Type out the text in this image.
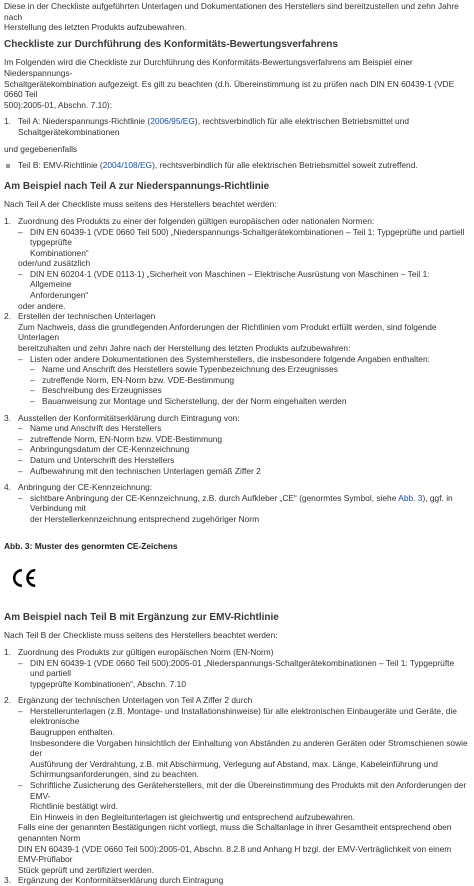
Diese in der Checkliste aufgeführten Unterlagen und Dokumentationen des Herstellers sind bereitzustellen und zehn Jahre nach

Herstellung des letzten Produkts aufzubewahren.

Checkliste zur Durchführung des Konformitäts-Bewertungsverfahrens

Im Folgenden wird die Checkliste zur Durchführung des Konformitäts-Bewertungsverfahrens am Beispiel einer Niederspannungs-

Schaltgerätekombination aufgezeigt. Es gilt zu beachten (d.h. Übereinstimmung ist zu prüfen nach DIN EN 60439-1 (VDE 0660 Teil

500):2005-01, Abschn. 7.10):

1. Teil A: Niederspannungs-Richtlinie (2006/95/EG), rechtsverbindlich für alle elektrischen Betriebsmittel und Schaltgerätekombinationen

und gegebenenfalls

Teil B: EMV-Richtlinie (2004/108/EG), rechtsverbindlich für alle elektrischen Betriebsmittel soweit zutreffend.

Am Beispiel nach Teil A zur Niederspannungs-Richtlinie

Nach Teil A der Checkliste muss seitens des Herstellers beachtet werden:

1. Zuordnung des Produkts zu einer der folgenden gültigen europäischen oder nationalen Normen:
– DIN EN 60439-1 (VDE 0660 Teil 500) „Niederspannungs-Schaltgerätekombinationen – Teil 1: Typgeprüfte und partiell typgeprüfte

Kombinationen“

oder/und zusätzlich

– DIN EN 60204-1 (VDE 0113-1) „Sicherheit von Maschinen – Elektrische Ausrüstung von Maschinen – Teil 1: Allgemeine

Anforderungen“

oder andere.

2. Erstellen der technischen Unterlagen

Zum Nachweis, dass die grundlegenden Anforderungen der Richtlinien vom Produkt erfüllt werden, sind folgende Unterlagen

bereitzuhalten und zehn Jahre nach der Herstellung des letzten Produkts aufzubewahren:

– Listen oder andere Dokumentationen des Systemherstellers, die insbesondere folgende Angaben enthalten:
– Name und Anschrift des Herstellers sowie Typenbezeichnung des Erzeugnisses
– zutreffende Norm, EN-Norm bzw. VDE-Bestimmung
– Beschreibung des Erzeugnisses
– Bauanweisung zur Montage und Sicherstellung, der der Norm eingehalten werden
3. Ausstellen der Konformitätserklärung durch Eintragung von:
– Name und Anschrift des Herstellers
– zutreffende Norm, EN-Norm bzw. VDE-Bestimmung
– Anbringungsdatum der CE-Kennzeichnung
– Datum und Unterschrift des Herstellers
– Aufbewahrung mit den technischen Unterlagen gemäß Ziffer 2
4. Anbringung der CE-Kennzeichnung:
– sichtbare Anbringung der CE-Kennzeichnung, z.B. durch Aufkleber „CE“ (genormtes Symbol, siehe Abb. 3), ggf. in Verbindung mit

der Herstellerkennzeichnung entsprechend zugehöriger Norm

Abb. 3: Muster des genormten CE-Zeichens

Am Beispiel nach Teil B mit Ergänzung zur EMV-Richtlinie

Nach Teil B der Checkliste muss seitens des Herstellers beachtet werden:

1. Zuordnung des Produkts zur gültigen europäischen Norm (EN-Norm)
– DIN EN 60439-1 (VDE 0660 Teil 500):2005-01 „Niederspannungs-Schaltgerätekombinationen – Teil 1: Typgeprüfte und partiell

typgeprüfte Kombinationen“, Abschn. 7.10

2. Ergänzung der technischen Unterlagen von Teil A Ziffer 2 durch
– Herstellerunterlagen (z.B. Montage- und Installationshinweise) für alle elektronischen Einbaugeräte und Geräte, die elektronische

Baugruppen enthalten.

Insbesondere die Vorgaben hinsichtlich der Einhaltung von Abständen zu anderen Geräten oder Stromschienen sowie der

Ausführung der Verdrahtung, z.B. mit Abschirmung, Verlegung auf Abstand, max. Länge, Kabeleinführung und

Schirmungsanforderungen, sind zu beachten.

– Schriftliche Zusicherung des Geräteherstellers, mit der die Übereinstimmung des Produkts mit den Anforderungen der EMV-

Richtlinie bestätigt wird.

Ein Hinweis in den Begleitunterlagen ist gleichwertig und entsprechend aufzubewahren.

Falls eine der genannten Bestätigungen nicht vorliegt, muss die Schaltanlage in ihrer Gesamtheit entsprechend oben genannten Norm

DIN EN 60439-1 (VDE 0660 Teil 500):2005-01, Abschn. 8.2.8 und Anhang H bzgl. der EMV-Verträglichkeit von einem EMV-Prüflabor

Stück geprüft und zertifiziert werden.

3. Ergänzung der Konformitätserklärung durch Eintragung
